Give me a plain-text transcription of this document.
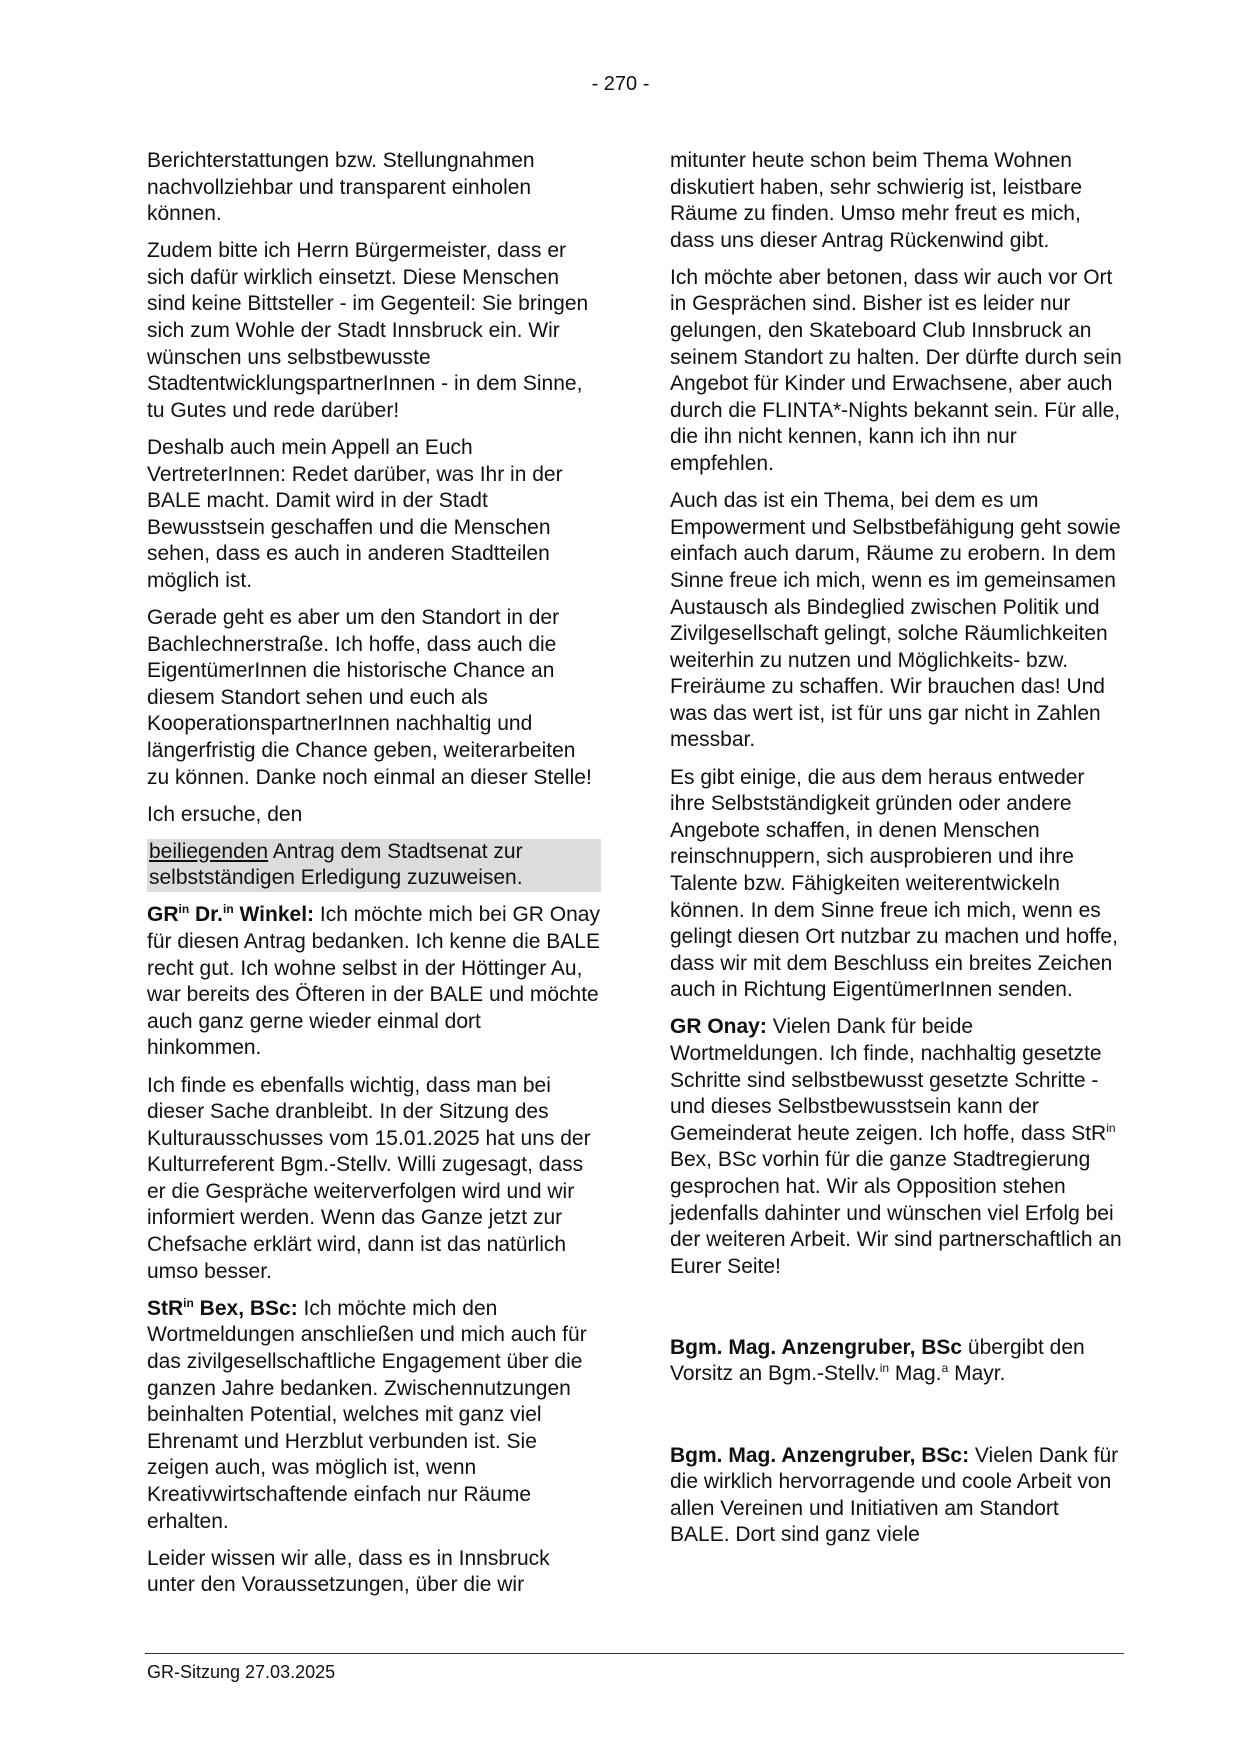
- 270 -

Berichterstattungen bzw. Stellungnahmen nachvollziehbar und transparent einholen können.

Zudem bitte ich Herrn Bürgermeister, dass er sich dafür wirklich einsetzt. Diese Menschen sind keine Bittsteller - im Gegenteil: Sie bringen sich zum Wohle der Stadt Innsbruck ein. Wir wünschen uns selbstbewusste StadtentwicklungspartnerInnen - in dem Sinne, tu Gutes und rede darüber!

Deshalb auch mein Appell an Euch VertreterInnen: Redet darüber, was Ihr in der BALE macht. Damit wird in der Stadt Bewusstsein geschaffen und die Menschen sehen, dass es auch in anderen Stadtteilen möglich ist.

Gerade geht es aber um den Standort in der Bachlechnerstraße. Ich hoffe, dass auch die EigentümerInnen die historische Chance an diesem Standort sehen und euch als KooperationspartnerInnen nachhaltig und längerfristig die Chance geben, weiterarbeiten zu können. Danke noch einmal an dieser Stelle!

Ich ersuche, den

beiliegenden Antrag dem Stadtsenat zur selbstständigen Erledigung zuzuweisen.

$GR^{in}$ Dr.$^{in}$ Winkel: Ich möchte mich bei GR Onay für diesen Antrag bedanken. Ich kenne die BALE recht gut. Ich wohne selbst in der Höttinger Au, war bereits des Öfteren in der BALE und möchte auch ganz gerne wieder einmal dort hinkommen.

Ich finde es ebenfalls wichtig, dass man bei dieser Sache dranbleibt. In der Sitzung des Kulturausschusses vom 15.01.2025 hat uns der Kulturreferent Bgm.-Stellv. Willi zugesagt, dass er die Gespräche weiterverfolgen wird und wir informiert werden. Wenn das Ganze jetzt zur Chefsache erklärt wird, dann ist das natürlich umso besser.

StR$^{in}$ Bex, BSc: Ich möchte mich den Wortmeldungen anschließen und mich auch für das zivilgesellschaftliche Engagement über die ganzen Jahre bedanken. Zwischennutzungen beinhalten Potential, welches mit ganz viel Ehrenamt und Herzblut verbunden ist. Sie zeigen auch, was möglich ist, wenn Kreativwirtschaftende einfach nur Räume erhalten.

Leider wissen wir alle, dass es in Innsbruck unter den Voraussetzungen, über die wir

mitunter heute schon beim Thema Wohnen diskutiert haben, sehr schwierig ist, leistbare Räume zu finden. Umso mehr freut es mich, dass uns dieser Antrag Rückenwind gibt.

Ich möchte aber betonen, dass wir auch vor Ort in Gesprächen sind. Bisher ist es leider nur gelungen, den Skateboard Club Innsbruck an seinem Standort zu halten. Der dürfte durch sein Angebot für Kinder und Erwachsene, aber auch durch die FLINTA*-Nights bekannt sein. Für alle, die ihn nicht kennen, kann ich ihn nur empfehlen.

Auch das ist ein Thema, bei dem es um Empowerment und Selbstbefähigung geht sowie einfach auch darum, Räume zu erobern. In dem Sinne freue ich mich, wenn es im gemeinsamen Austausch als Bindeglied zwischen Politik und Zivilgesellschaft gelingt, solche Räumlichkeiten weiterhin zu nutzen und Möglichkeits- bzw. Freiräume zu schaffen. Wir brauchen das! Und was das wert ist, ist für uns gar nicht in Zahlen messbar.

Es gibt einige, die aus dem heraus entweder ihre Selbstständigkeit gründen oder andere Angebote schaffen, in denen Menschen reinschnuppern, sich ausprobieren und ihre Talente bzw. Fähigkeiten weiterentwickeln können. In dem Sinne freue ich mich, wenn es gelingt diesen Ort nutzbar zu machen und hoffe, dass wir mit dem Beschluss ein breites Zeichen auch in Richtung EigentümerInnen senden.

GR Onay: Vielen Dank für beide Wortmeldungen. Ich finde, nachhaltig gesetzte Schritte sind selbstbewusst gesetzte Schritte - und dieses Selbstbewusstsein kann der Gemeinderat heute zeigen. Ich hoffe, dass StR$^{in}$ Bex, BSc vorhin für die ganze Stadtregierung gesprochen hat. Wir als Opposition stehen jedenfalls dahinter und wünschen viel Erfolg bei der weiteren Arbeit. Wir sind partnerschaftlich an Eurer Seite!

Bgm. Mag. Anzengruber, BSc übergibt den Vorsitz an Bgm.-Stellv.$^{in}$ Mag.$^a$ Mayr.

Bgm. Mag. Anzengruber, BSc: Vielen Dank für die wirklich hervorragende und coole Arbeit von allen Vereinen und Initiativen am Standort BALE. Dort sind ganz viele

GR-Sitzung 27.03.2025
